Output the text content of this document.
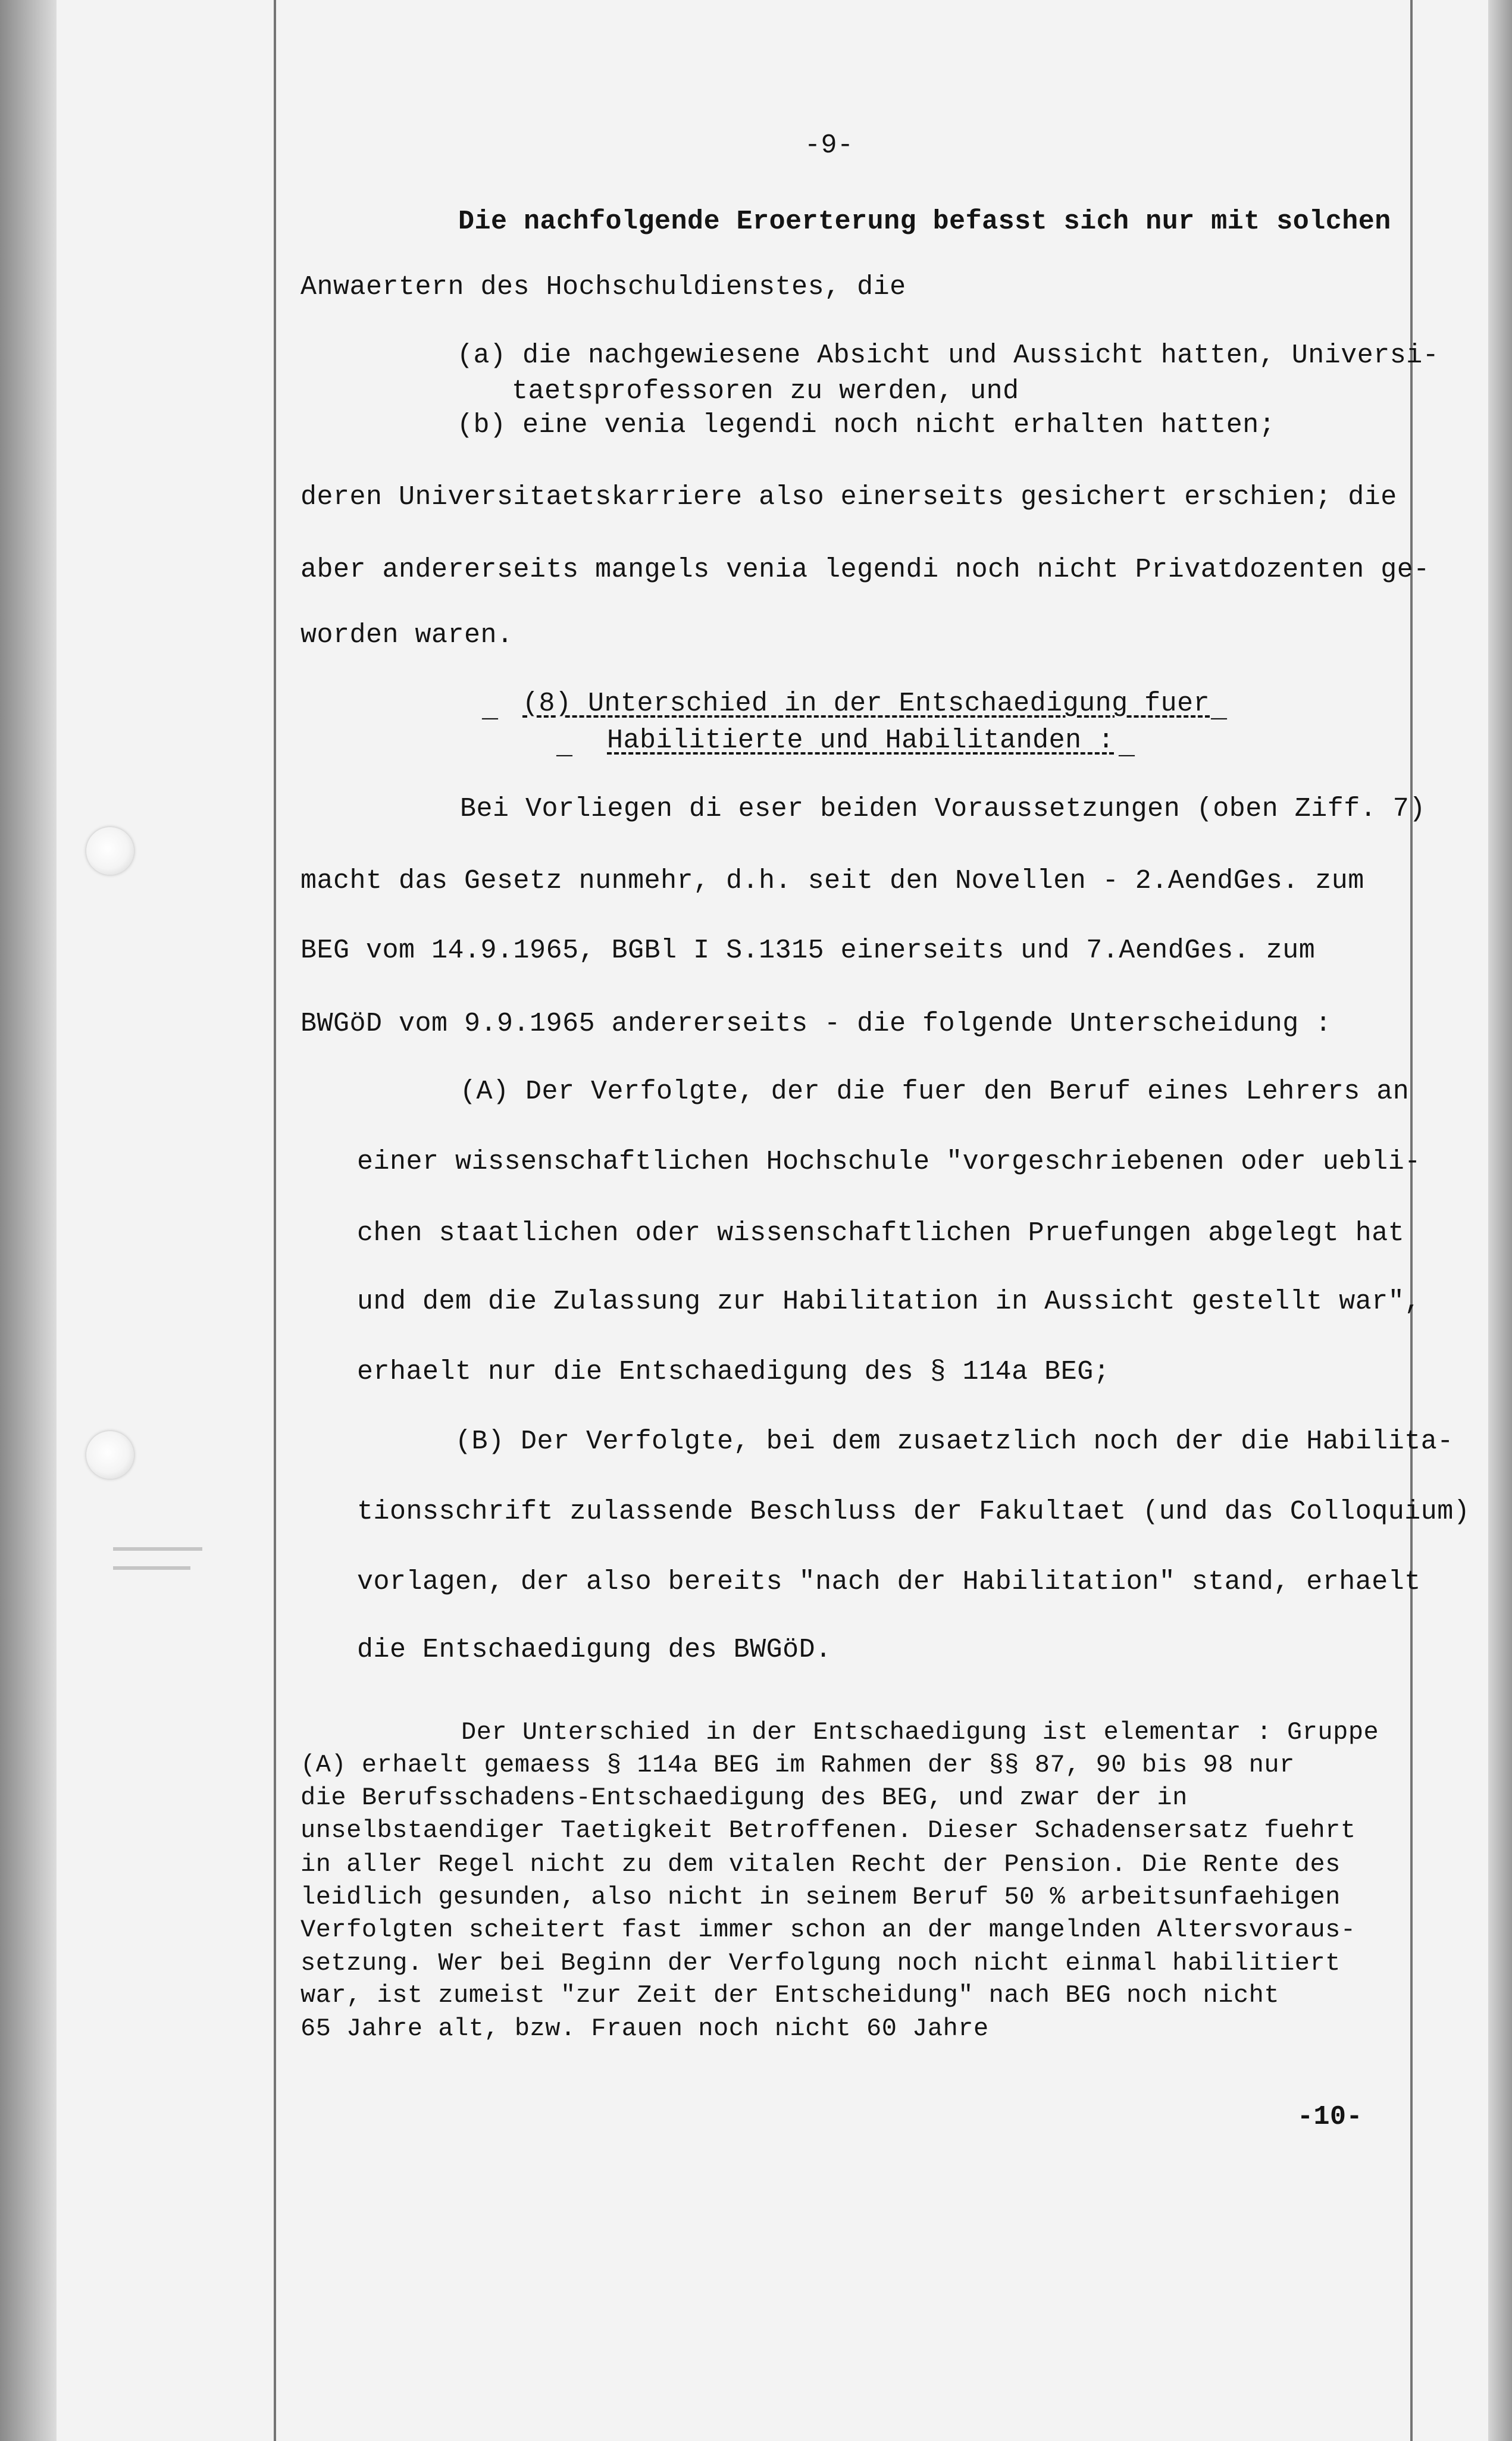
-9-
Die nachfolgende Eroerterung befasst sich nur mit solchen
Anwaertern des Hochschuldienstes, die
(a) die nachgewiesene Absicht und Aussicht hatten, Universi-
taetsprofessoren zu werden, und
(b) eine venia legendi noch nicht erhalten hatten;
deren Universitaetskarriere also einerseits gesichert erschien; die
aber andererseits mangels venia legendi noch nicht Privatdozenten ge-
worden waren.
_ (8) Unterschied in der Entschaedigung fuer _
_ Habilitierte und Habilitanden : _
Bei Vorliegen di eser beiden Voraussetzungen (oben Ziff. 7)
macht das Gesetz nunmehr, d.h. seit den Novellen - 2.AendGes. zum
BEG vom 14.9.1965, BGBl I S.1315 einerseits und 7.AendGes. zum
BWGöD vom 9.9.1965 andererseits - die folgende Unterscheidung :
(A) Der Verfolgte, der die fuer den Beruf eines Lehrers an
einer wissenschaftlichen Hochschule "vorgeschriebenen oder uebli-
chen staatlichen oder wissenschaftlichen Pruefungen abgelegt hat
und dem die Zulassung zur Habilitation in Aussicht gestellt war",
erhaelt nur die Entschaedigung des § 114a BEG;
(B) Der Verfolgte, bei dem zusaetzlich noch der die Habilita-
tionsschrift zulassende Beschluss der Fakultaet (und das Colloquium)
vorlagen, der also bereits "nach der Habilitation" stand, erhaelt
die Entschaedigung des BWGöD.
Der Unterschied in der Entschaedigung ist elementar : Gruppe
(A) erhaelt gemaess § 114a BEG im Rahmen der §§ 87, 90 bis 98 nur
die Berufsschadens-Entschaedigung des BEG, und zwar der in
unselbstaendiger Taetigkeit Betroffenen. Dieser Schadensersatz fuehrt
in aller Regel nicht zu dem vitalen Recht der Pension. Die Rente des
leidlich gesunden, also nicht in seinem Beruf 50 % arbeitsunfaehigen
Verfolgten scheitert fast immer schon an der mangelnden Altersvoraus-
setzung. Wer bei Beginn der Verfolgung noch nicht einmal habilitiert
war, ist zumeist "zur Zeit der Entscheidung" nach BEG noch nicht
65 Jahre alt, bzw. Frauen noch nicht 60 Jahre
-10-
